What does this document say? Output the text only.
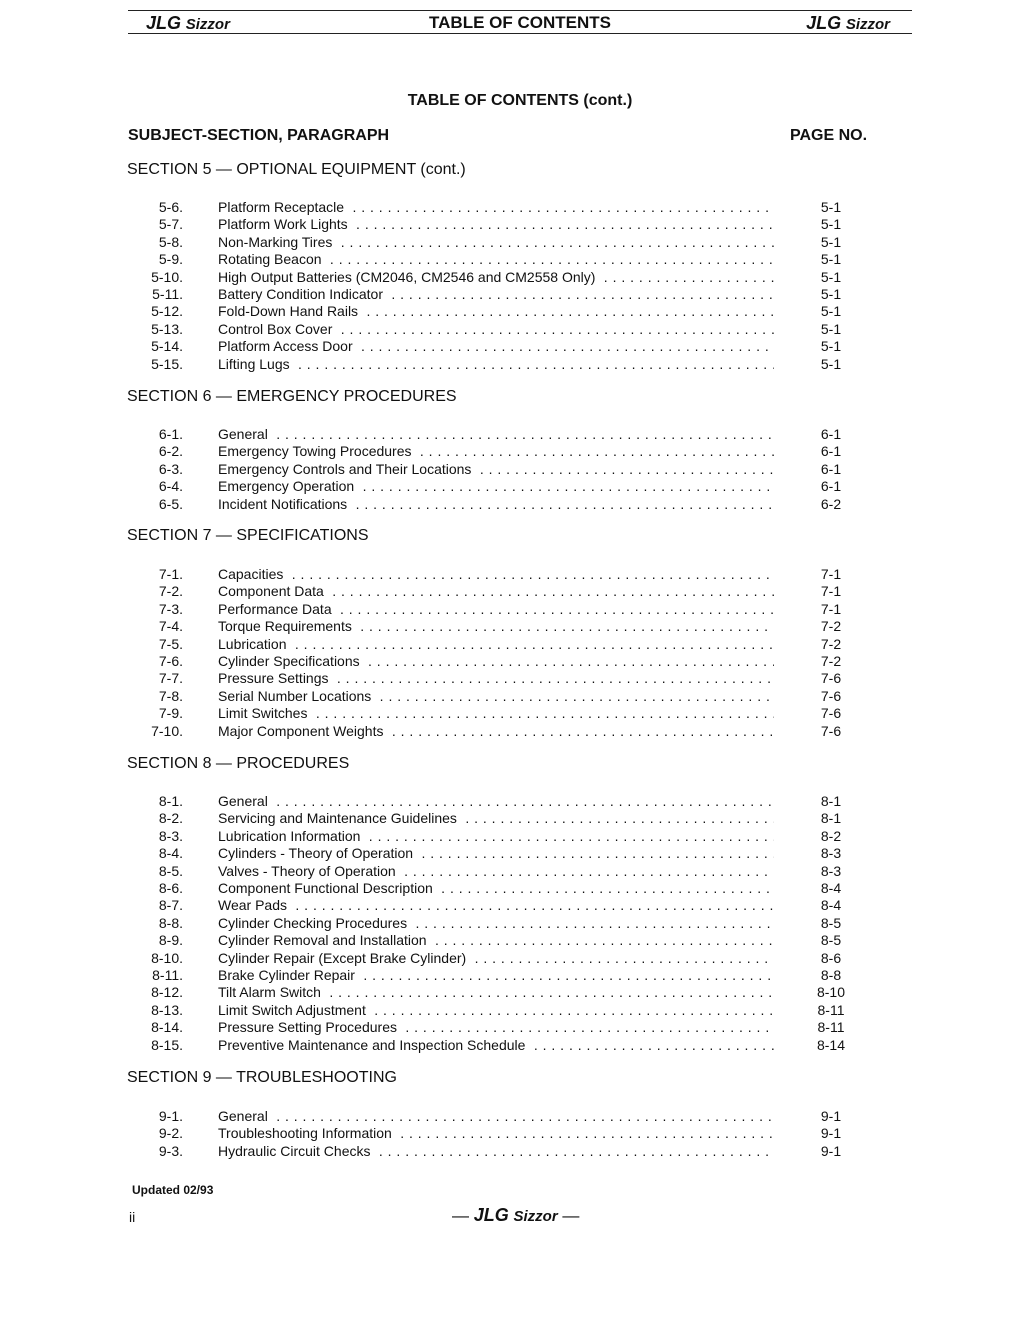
JLG Sizzor	TABLE OF CONTENTS	JLG Sizzor
TABLE OF CONTENTS (cont.)
SUBJECT-SECTION, PARAGRAPH	PAGE NO.
SECTION 5 — OPTIONAL EQUIPMENT (cont.)
5-6.	Platform Receptacle . . .	5-1
5-7.	Platform Work Lights . . .	5-1
5-8.	Non-Marking Tires . . .	5-1
5-9.	Rotating Beacon . . .	5-1
5-10.	High Output Batteries (CM2046, CM2546 and CM2558 Only) . . .	5-1
5-11.	Battery Condition Indicator . . .	5-1
5-12.	Fold-Down Hand Rails . . .	5-1
5-13.	Control Box Cover . . .	5-1
5-14.	Platform Access Door . . .	5-1
5-15.	Lifting Lugs . . .	5-1
SECTION 6 — EMERGENCY PROCEDURES
6-1.	General . . .	6-1
6-2.	Emergency Towing Procedures . . .	6-1
6-3.	Emergency Controls and Their Locations . . .	6-1
6-4.	Emergency Operation . . .	6-1
6-5.	Incident Notifications . . .	6-2
SECTION 7 — SPECIFICATIONS
7-1.	Capacities . . .	7-1
7-2.	Component Data . . .	7-1
7-3.	Performance Data . . .	7-1
7-4.	Torque Requirements . . .	7-2
7-5.	Lubrication . . .	7-2
7-6.	Cylinder Specifications . . .	7-2
7-7.	Pressure Settings . . .	7-6
7-8.	Serial Number Locations . . .	7-6
7-9.	Limit Switches . . .	7-6
7-10.	Major Component Weights . . .	7-6
SECTION 8 — PROCEDURES
8-1.	General . . .	8-1
8-2.	Servicing and Maintenance Guidelines . . .	8-1
8-3.	Lubrication Information . . .	8-2
8-4.	Cylinders - Theory of Operation . . .	8-3
8-5.	Valves - Theory of Operation . . .	8-3
8-6.	Component Functional Description . . .	8-4
8-7.	Wear Pads . . .	8-4
8-8.	Cylinder Checking Procedures . . .	8-5
8-9.	Cylinder Removal and Installation . . .	8-5
8-10.	Cylinder Repair (Except Brake Cylinder) . . .	8-6
8-11.	Brake Cylinder Repair . . .	8-8
8-12.	Tilt Alarm Switch . . .	8-10
8-13.	Limit Switch Adjustment . . .	8-11
8-14.	Pressure Setting Procedures . . .	8-11
8-15.	Preventive Maintenance and Inspection Schedule . . .	8-14
SECTION 9 — TROUBLESHOOTING
9-1.	General . . .	9-1
9-2.	Troubleshooting Information . . .	9-1
9-3.	Hydraulic Circuit Checks . . .	9-1
Updated 02/93
ii	— JLG Sizzor —
